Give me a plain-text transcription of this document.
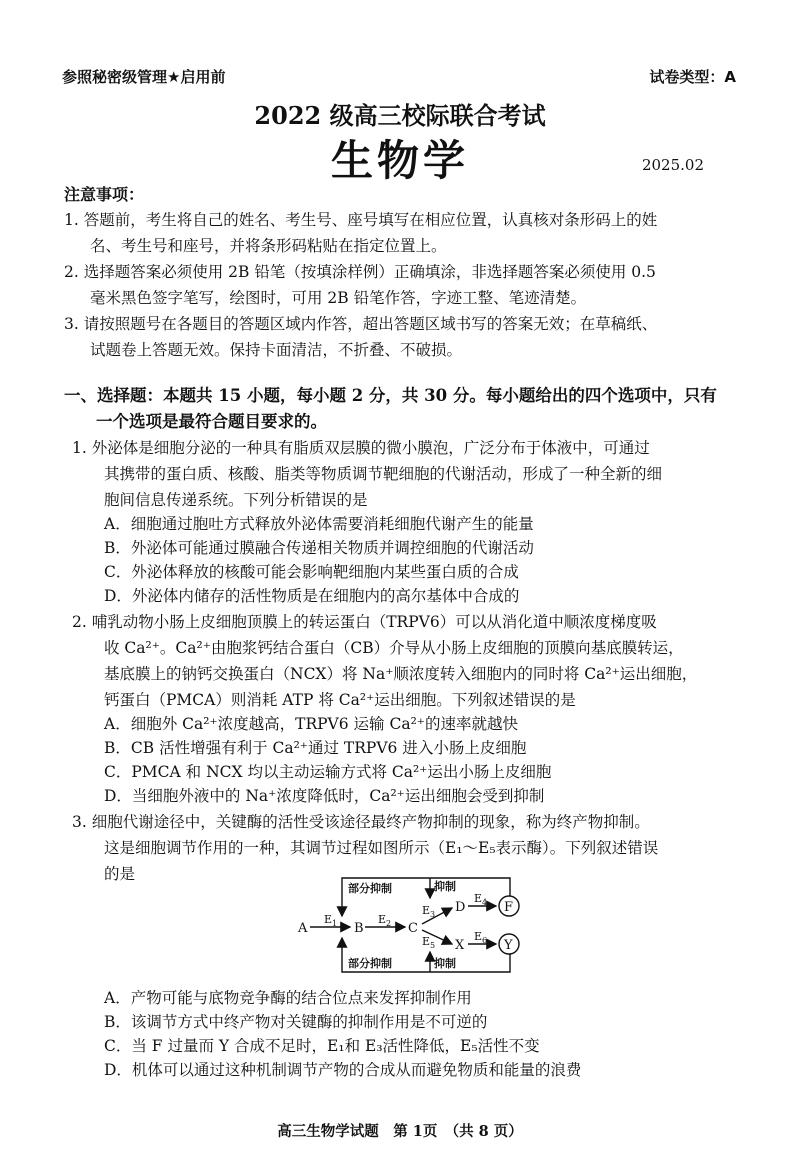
参照秘密级管理★启用前	试卷类型：A
2022 级高三校际联合考试
生物学	2025.02
注意事项：
1. 答题前，考生将自己的姓名、考生号、座号填写在相应位置，认真核对条形码上的姓
名、考生号和座号，并将条形码粘贴在指定位置上。
2. 选择题答案必须使用 2B 铅笔（按填涂样例）正确填涂，非选择题答案必须使用 0.5
毫米黑色签字笔写，绘图时，可用 2B 铅笔作答，字迹工整、笔迹清楚。
3. 请按照题号在各题目的答题区域内作答，超出答题区域书写的答案无效；在草稿纸、
试题卷上答题无效。保持卡面清洁，不折叠、不破损。
一、选择题：本题共 15 小题，每小题 2 分，共 30 分。每小题给出的四个选项中，只有
一个选项是最符合题目要求的。
1. 外泌体是细胞分泌的一种具有脂质双层膜的微小膜泡，广泛分布于体液中，可通过
其携带的蛋白质、核酸、脂类等物质调节靶细胞的代谢活动，形成了一种全新的细
胞间信息传递系统。下列分析错误的是
A．细胞通过胞吐方式释放外泌体需要消耗细胞代谢产生的能量
B．外泌体可能通过膜融合传递相关物质并调控细胞的代谢活动
C．外泌体释放的核酸可能会影响靶细胞内某些蛋白质的合成
D．外泌体内储存的活性物质是在细胞内的高尔基体中合成的
2. 哺乳动物小肠上皮细胞顶膜上的转运蛋白（TRPV6）可以从消化道中顺浓度梯度吸
收 Ca²⁺。Ca²⁺由胞浆钙结合蛋白（CB）介导从小肠上皮细胞的顶膜向基底膜转运，
基底膜上的钠钙交换蛋白（NCX）将 Na⁺顺浓度转入细胞内的同时将 Ca²⁺运出细胞，
钙蛋白（PMCA）则消耗 ATP 将 Ca²⁺运出细胞。下列叙述错误的是
A．细胞外 Ca²⁺浓度越高，TRPV6 运输 Ca²⁺的速率就越快
B．CB 活性增强有利于 Ca²⁺通过 TRPV6 进入小肠上皮细胞
C．PMCA 和 NCX 均以主动运输方式将 Ca²⁺运出小肠上皮细胞
D．当细胞外液中的 Na⁺浓度降低时，Ca²⁺运出细胞会受到抑制
3. 细胞代谢途径中，关键酶的活性受该途径最终产物抑制的现象，称为终产物抑制。
这是细胞调节作用的一种，其调节过程如图所示（E₁～E₅表示酶）。下列叙述错误
的是
A	B	C
D
X
F
Y
$E_1$	$E_2$
$E_3$
$E_4$
$E_5$
$E_6$
部分抑制	抑制
部分抑制	抑制
A．产物可能与底物竞争酶的结合位点来发挥抑制作用
B．该调节方式中终产物对关键酶的抑制作用是不可逆的
C．当 F 过量而 Y 合成不足时，E₁和 E₃活性降低，E₅活性不变
D．机体可以通过这种机制调节产物的合成从而避免物质和能量的浪费
高三生物学试题　第 1页　（共 8 页）
